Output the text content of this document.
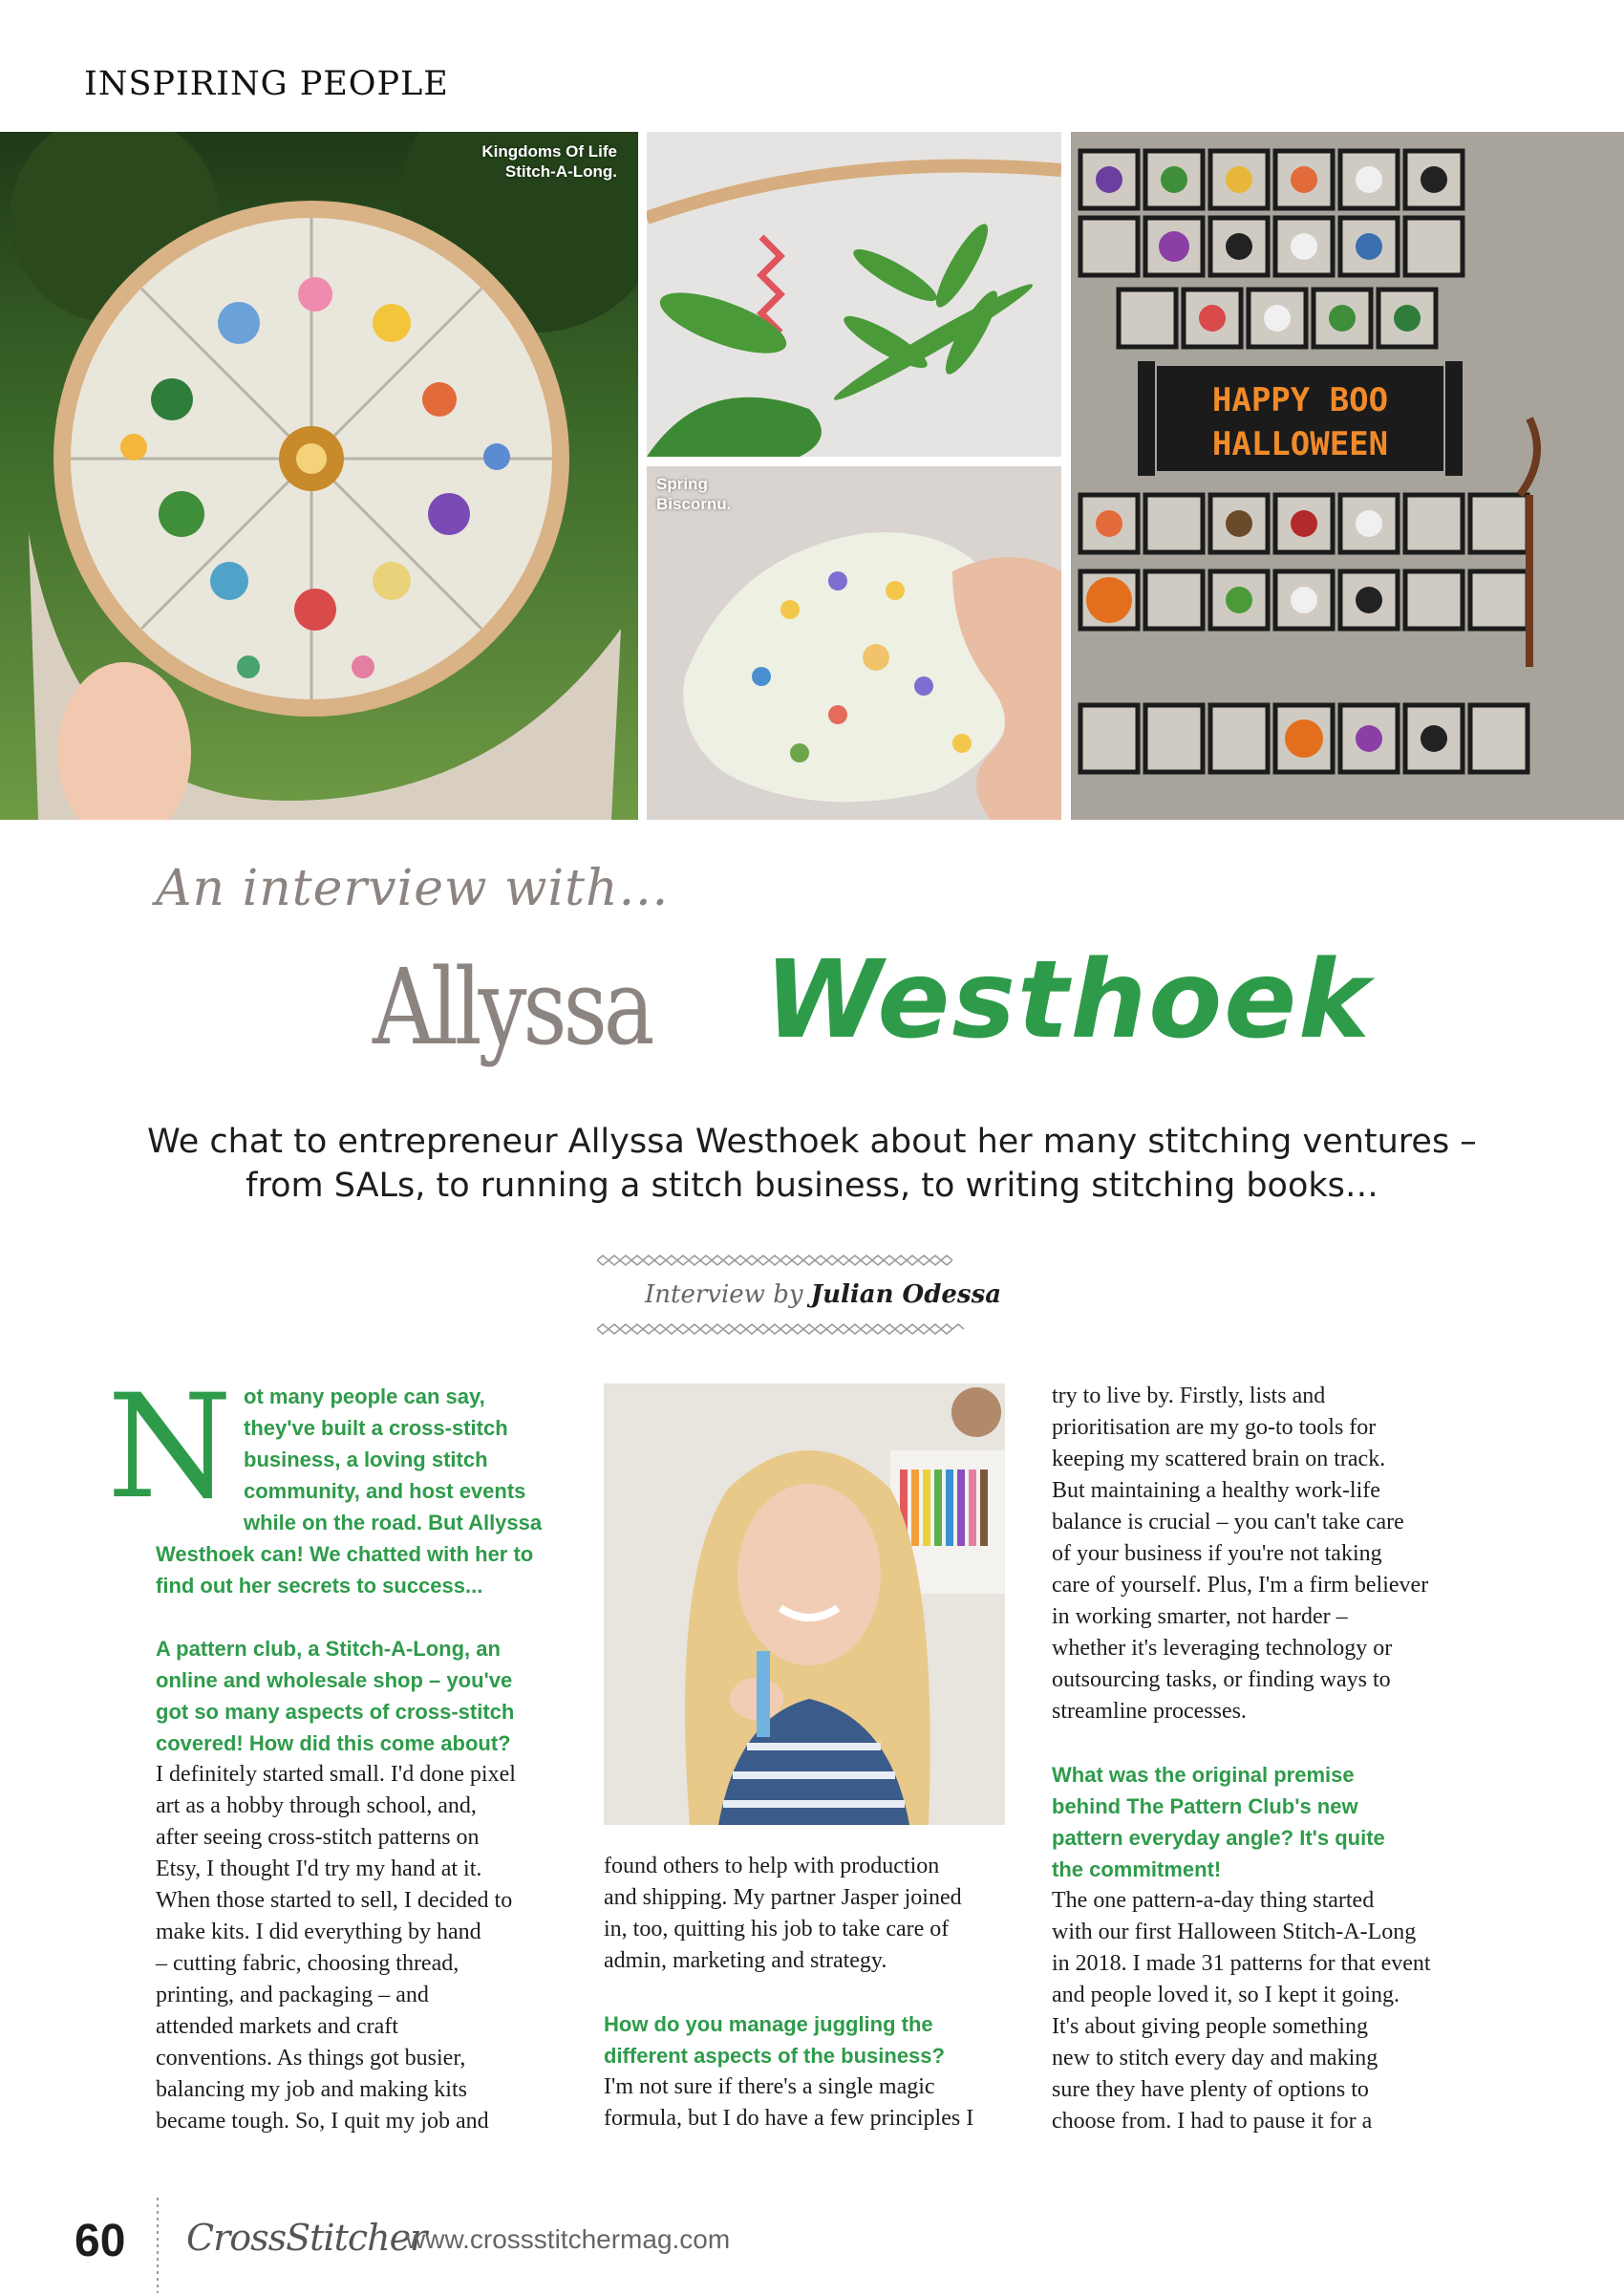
INSPIRING PEOPLE
Kingdoms Of Life
Stitch-A-Long.
Spring
Biscornu.
HAPPY BOO
HALLOWEEN
An interview with...
Allyssa Westhoek
We chat to entrepreneur Allyssa Westhoek about her many stitching ventures –
from SALs, to running a stitch business, to writing stitching books…
Interview by Julian Odessa
N ot many people can say,
they've built a cross-stitch
business, a loving stitch
community, and host events
while on the road. But Allyssa
Westhoek can! We chatted with her to
find out her secrets to success...
A pattern club, a Stitch-A-Long, an
online and wholesale shop – you've
got so many aspects of cross-stitch
covered! How did this come about?
I definitely started small. I'd done pixel
art as a hobby through school, and,
after seeing cross-stitch patterns on
Etsy, I thought I'd try my hand at it.
When those started to sell, I decided to
make kits. I did everything by hand
– cutting fabric, choosing thread,
printing, and packaging – and
attended markets and craft
conventions. As things got busier,
balancing my job and making kits
became tough. So, I quit my job and
found others to help with production
and shipping. My partner Jasper joined
in, too, quitting his job to take care of
admin, marketing and strategy.
How do you manage juggling the
different aspects of the business?
I'm not sure if there's a single magic
formula, but I do have a few principles I
try to live by. Firstly, lists and
prioritisation are my go-to tools for
keeping my scattered brain on track.
But maintaining a healthy work-life
balance is crucial – you can't take care
of your business if you're not taking
care of yourself. Plus, I'm a firm believer
in working smarter, not harder –
whether it's leveraging technology or
outsourcing tasks, or finding ways to
streamline processes.
What was the original premise
behind The Pattern Club's new
pattern everyday angle? It's quite
the commitment!
The one pattern-a-day thing started
with our first Halloween Stitch-A-Long
in 2018. I made 31 patterns for that event
and people loved it, so I kept it going.
It's about giving people something
new to stitch every day and making
sure they have plenty of options to
choose from. I had to pause it for a
60 CrossStitcher
www.crossstitchermag.com
